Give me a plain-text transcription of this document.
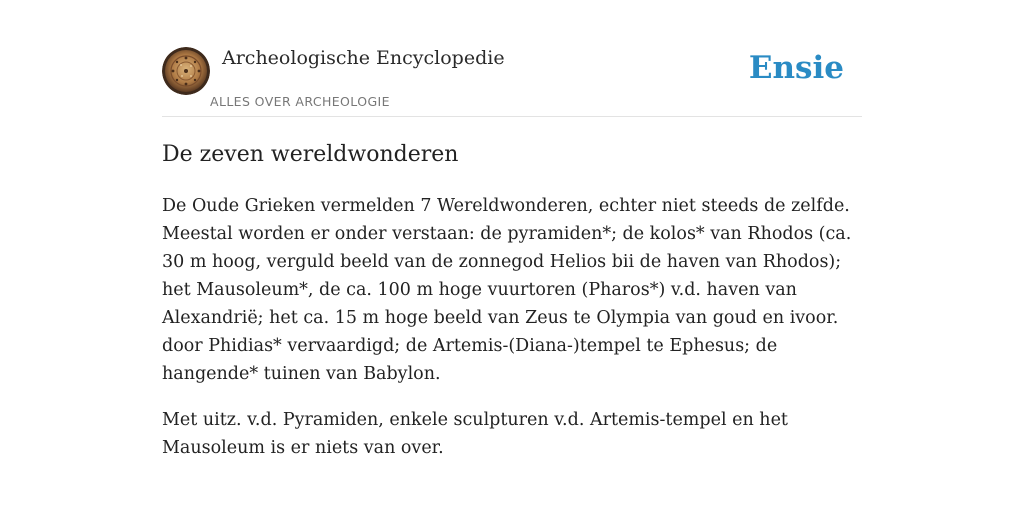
Archeologische Encyclopedie
ALLES OVER ARCHEOLOGIE
Ensie
De zeven wereldwonderen

De Oude Grieken vermelden 7 Wereldwonderen, echter niet steeds de zelfde. Meestal worden er onder verstaan: de pyramiden*; de kolos* van Rhodos (ca. 30 m hoog, verguld beeld van de zonnegod Helios bii de haven van Rhodos); het Mausoleum*, de ca. 100 m hoge vuurtoren (Pharos*) v.d. haven van Alexandrië; het ca. 15 m hoge beeld van Zeus te Olympia van goud en ivoor. door Phidias* vervaardigd; de Artemis-(Diana-)tempel te Ephesus; de hangende* tuinen van Babylon.

Met uitz. v.d. Pyramiden, enkele sculpturen v.d. Artemis-tempel en het Mausoleum is er niets van over.
